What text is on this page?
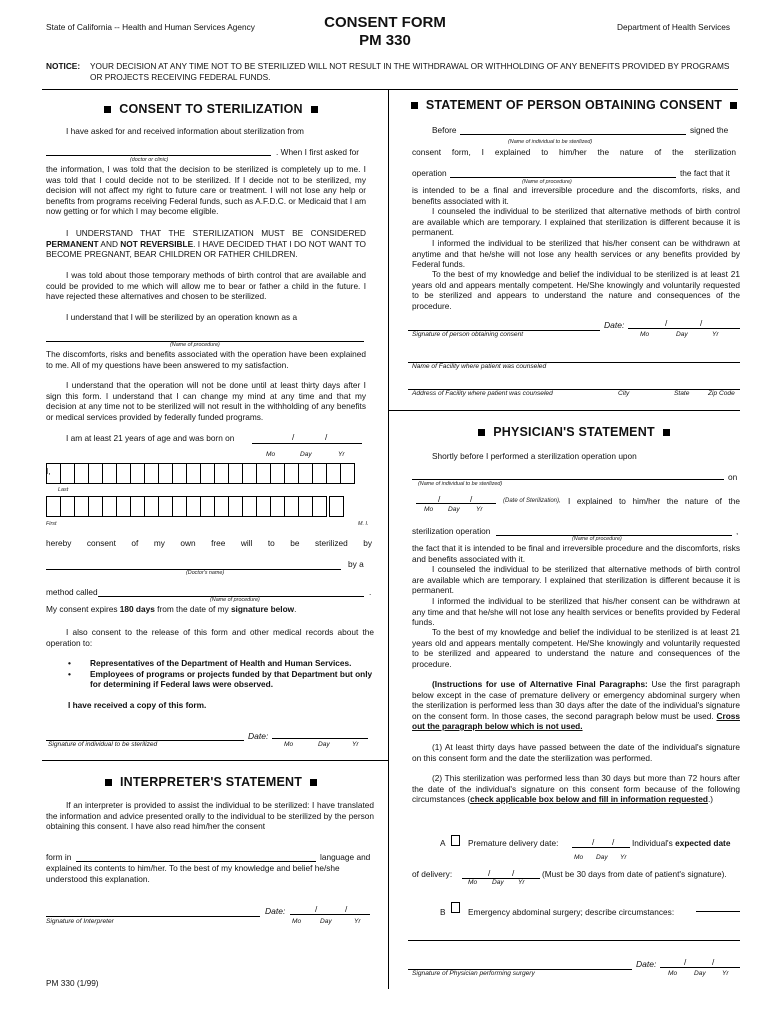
State of California -- Health and Human Services Agency	CONSENT FORM
PM 330
Department of Health Services
NOTICE: YOUR DECISION AT ANY TIME NOT TO BE STERILIZED WILL NOT RESULT IN THE WITHDRAWAL OR WITHHOLDING OF ANY BENEFITS PROVIDED BY PROGRAMS OR PROJECTS RECEIVING FEDERAL FUNDS.
CONSENT TO STERILIZATION
I have asked for and received information about sterilization from
. When I first asked for
(doctor or clinic)
the information, I was told that the decision to be sterilized is completely up to me. I was told that I could decide not to be sterilized. If I decide not to be sterilized, my decision will not affect my right to future care or treatment. I will not lose any help or benefits from programs receiving Federal funds, such as A.F.D.C. or Medicaid that I am now getting or for which I may become eligible.
I UNDERSTAND THAT THE STERILIZATION MUST BE CONSIDERED PERMANENT AND NOT REVERSIBLE. I HAVE DECIDED THAT I DO NOT WANT TO BECOME PREGNANT, BEAR CHILDREN OR FATHER CHILDREN.
I was told about those temporary methods of birth control that are available and could be provided to me which will allow me to bear or father a child in the future. I have rejected these alternatives and chosen to be sterilized.
I understand that I will be sterilized by an operation known as a
(Name of procedure)
The discomforts, risks and benefits associated with the operation have been explained to me. All of my questions have been answered to my satisfaction.
I understand that the operation will not be done until at least thirty days after I sign this form. I understand that I can change my mind at any time and that my decision at any time not to be sterilized will not result in the withholding of any benefits or medical services provided by federally funded programs.
I am at least 21 years of age and was born on	/	/
Mo	Day	Yr
I,
Last
First	M. I.
hereby consent of my own free will to be sterilized by
by a
(Doctor's name)
method called	.
(Name of procedure)
My consent expires 180 days from the date of my signature below.
I also consent to the release of this form and other medical records about the operation to:
•	Representatives of the Department of Health and Human Services.
•	Employees of programs or projects funded by that Department but only for determining if Federal laws were observed.
I have received a copy of this form.
Date:
Signature of individual to be sterilized	Mo	Day	Yr
INTERPRETER'S STATEMENT
If an interpreter is provided to assist the individual to be sterilized: I have translated the information and advice presented orally to the individual to be sterilized by the person obtaining this consent. I have also read him/her the consent
form in	language and
explained its contents to him/her. To the best of my knowledge and belief he/she understood this explanation.
Date:	/	/
Signature of Interpreter	Mo	Day	Yr
PM 330 (1/99)
STATEMENT OF PERSON OBTAINING CONSENT
Before	signed the
(Name of individual to be sterilized)
consent form, I explained to him/her the nature of the sterilization
operation	the fact that it
(Name of procedure)
is intended to be a final and irreversible procedure and the discomforts, risks, and benefits associated with it.
I counseled the individual to be sterilized that alternative methods of birth control are available which are temporary. I explained that sterilization is different because it is permanent.
I informed the individual to be sterilized that his/her consent can be withdrawn at anytime and that he/she will not lose any health services or any benefits provided by Federal funds.
To the best of my knowledge and belief the individual to be sterilized is at least 21 years old and appears mentally competent. He/She knowingly and voluntarily requested to be sterilized and appears to understand the nature and consequences of the procedure.
Date:	/	/
Signature of person obtaining consent	Mo	Day	Yr
Name of Facility where patient was counseled
Address of Facility where patient was counseled	City	State	Zip Code
PHYSICIAN'S STATEMENT
Shortly before I performed a sterilization operation upon
on
(Name of individual to be sterilized)
/	/	(Date of Sterilization), I explained to him/her the nature of the
Mo Day Yr
sterilization operation	,
(Name of procedure)
the fact that it is intended to be final and irreversible procedure and the discomforts, risks and benefits associated with it.
I counseled the individual to be sterilized that alternative methods of birth control are available which are temporary. I explained that sterilization is different because it is permanent.
I informed the individual to be sterilized that his/her consent can be withdrawn at any time and that he/she will not lose any health services or benefits provided by Federal funds.
To the best of my knowledge and belief the individual to be sterilized is at least 21 years old and appears mentally competent. He/She knowingly and voluntarily requested to be sterilized and appeared to understand the nature and consequences of the procedure.
(Instructions for use of Alternative Final Paragraphs: Use the first paragraph below except in the case of premature delivery or emergency abdominal surgery when the sterilization is performed less than 30 days after the date of the individual's signature on the consent form. In those cases, the second paragraph below must be used. Cross out the paragraph below which is not used.
(1) At least thirty days have passed between the date of the individual's signature on this consent form and the date the sterilization was performed.
(2) This sterilization was performed less than 30 days but more than 72 hours after the date of the individual's signature on this consent form because of the following circumstances (check applicable box below and fill in information requested.)
A	Premature delivery date:	/ / Individual's expected date
Mo Day Yr
of delivery:	/	/	(Must be 30 days from date of patient's signature).
Mo Day Yr
B	Emergency abdominal surgery; describe circumstances:
Date:	/	/
Signature of Physician performing surgery	Mo	Day Yr
